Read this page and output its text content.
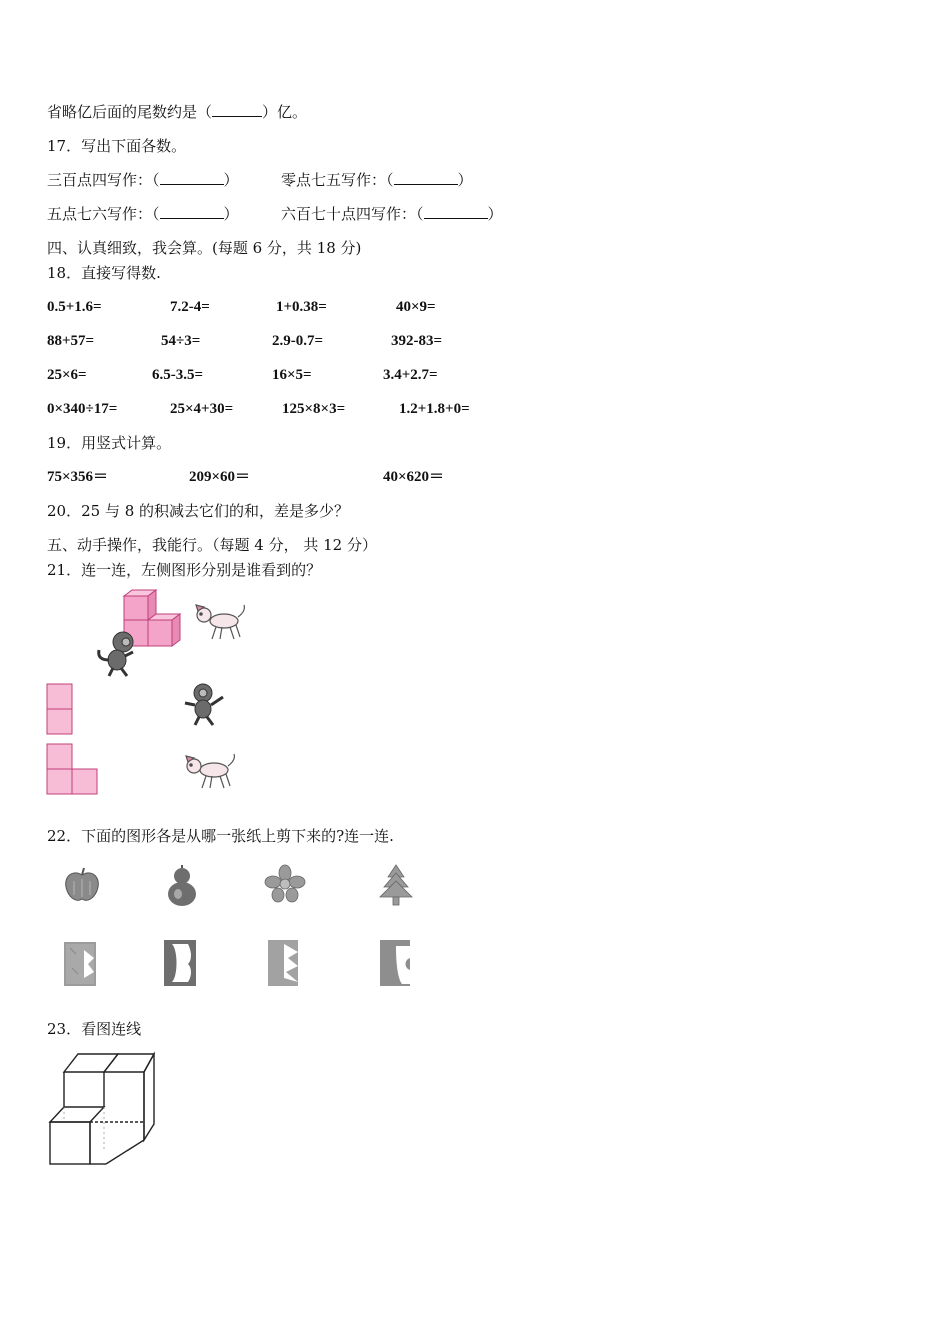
省略亿后面的尾数约是（	）亿。
17．写出下面各数。
三百点四写作：（	）	零点七五写作：（	）
五点七六写作：（	）	六百七十点四写作：（	）
四、认真细致，我会算。(每题 6 分，共 18 分)
18．直接写得数.
0.5+1.6=	7.2-4=	1+0.38=	40×9=
88+57=	54÷3=	2.9-0.7=	392-83=
25×6=	6.5-3.5=	16×5=	3.4+2.7=
0×340÷17=	25×4+30=	125×8×3=	1.2+1.8+0=
19．用竖式计算。
75×356＝	209×60＝	40×620＝
20．25 与 8 的积减去它们的和，差是多少？
五、动手操作，我能行。（每题 4 分， 共 12 分）
21．连一连，左侧图形分别是谁看到的？
22．下面的图形各是从哪一张纸上剪下来的?连一连.
23．看图连线
